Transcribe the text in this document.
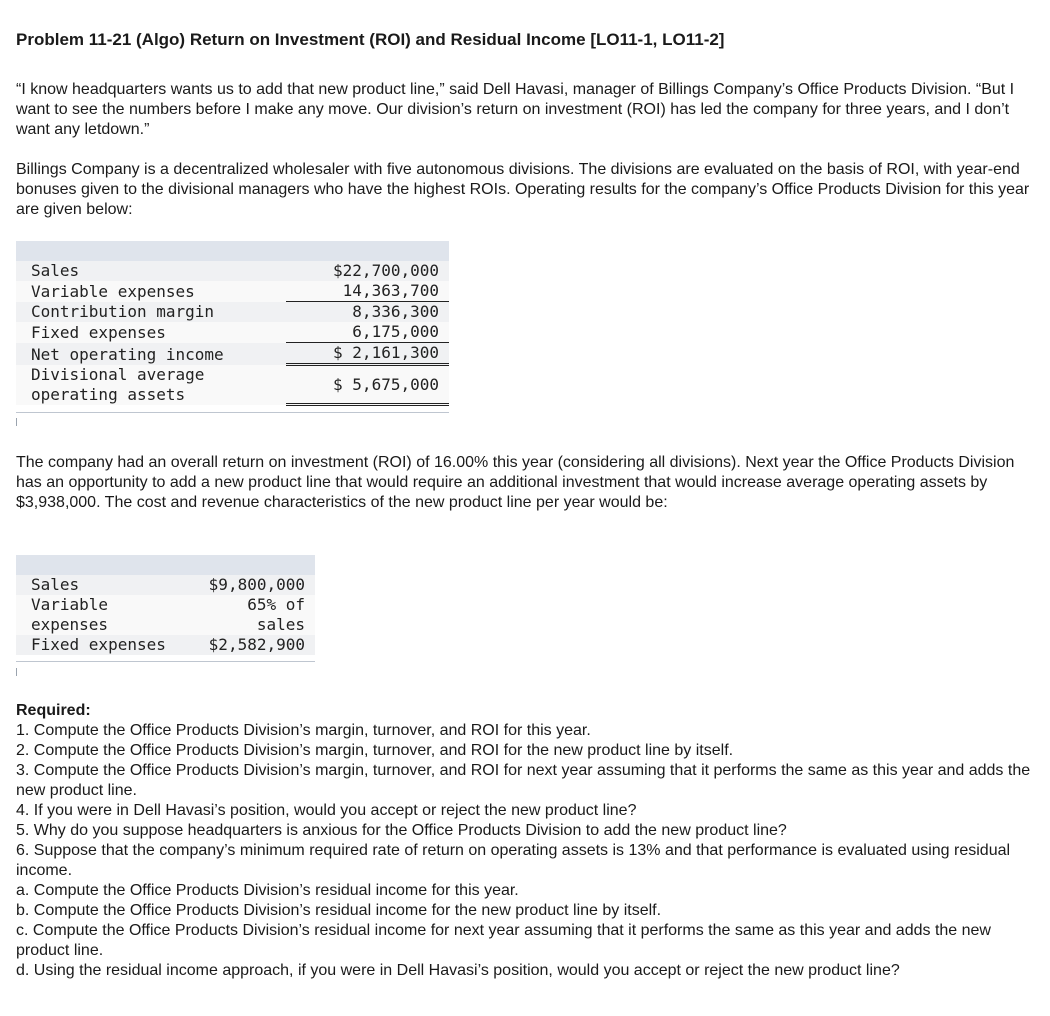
Problem 11-21 (Algo) Return on Investment (ROI) and Residual Income [LO11-1, LO11-2]

“I know headquarters wants us to add that new product line,” said Dell Havasi, manager of Billings Company’s Office Products Division. “But I want to see the numbers before I make any move. Our division’s return on investment (ROI) has led the company for three years, and I don’t want any letdown.”

Billings Company is a decentralized wholesaler with five autonomous divisions. The divisions are evaluated on the basis of ROI, with year-end bonuses given to the divisional managers who have the highest ROIs. Operating results for the company’s Office Products Division for this year are given below:

Sales	$22,700,000
Variable expenses	14,363,700
Contribution margin	8,336,300
Fixed expenses	6,175,000
Net operating income	$ 2,161,300
Divisional average operating assets	$ 5,675,000

The company had an overall return on investment (ROI) of 16.00% this year (considering all divisions). Next year the Office Products Division has an opportunity to add a new product line that would require an additional investment that would increase average operating assets by $3,938,000. The cost and revenue characteristics of the new product line per year would be:

Sales	$9,800,000
Variable expenses	65% of sales
Fixed expenses	$2,582,900
Required:

1. Compute the Office Products Division’s margin, turnover, and ROI for this year.

2. Compute the Office Products Division’s margin, turnover, and ROI for the new product line by itself.

3. Compute the Office Products Division’s margin, turnover, and ROI for next year assuming that it performs the same as this year and adds the new product line.

4. If you were in Dell Havasi’s position, would you accept or reject the new product line?

5. Why do you suppose headquarters is anxious for the Office Products Division to add the new product line?

6. Suppose that the company’s minimum required rate of return on operating assets is 13% and that performance is evaluated using residual income.

a. Compute the Office Products Division’s residual income for this year.

b. Compute the Office Products Division’s residual income for the new product line by itself.

c. Compute the Office Products Division’s residual income for next year assuming that it performs the same as this year and adds the new product line.

d. Using the residual income approach, if you were in Dell Havasi’s position, would you accept or reject the new product line?
